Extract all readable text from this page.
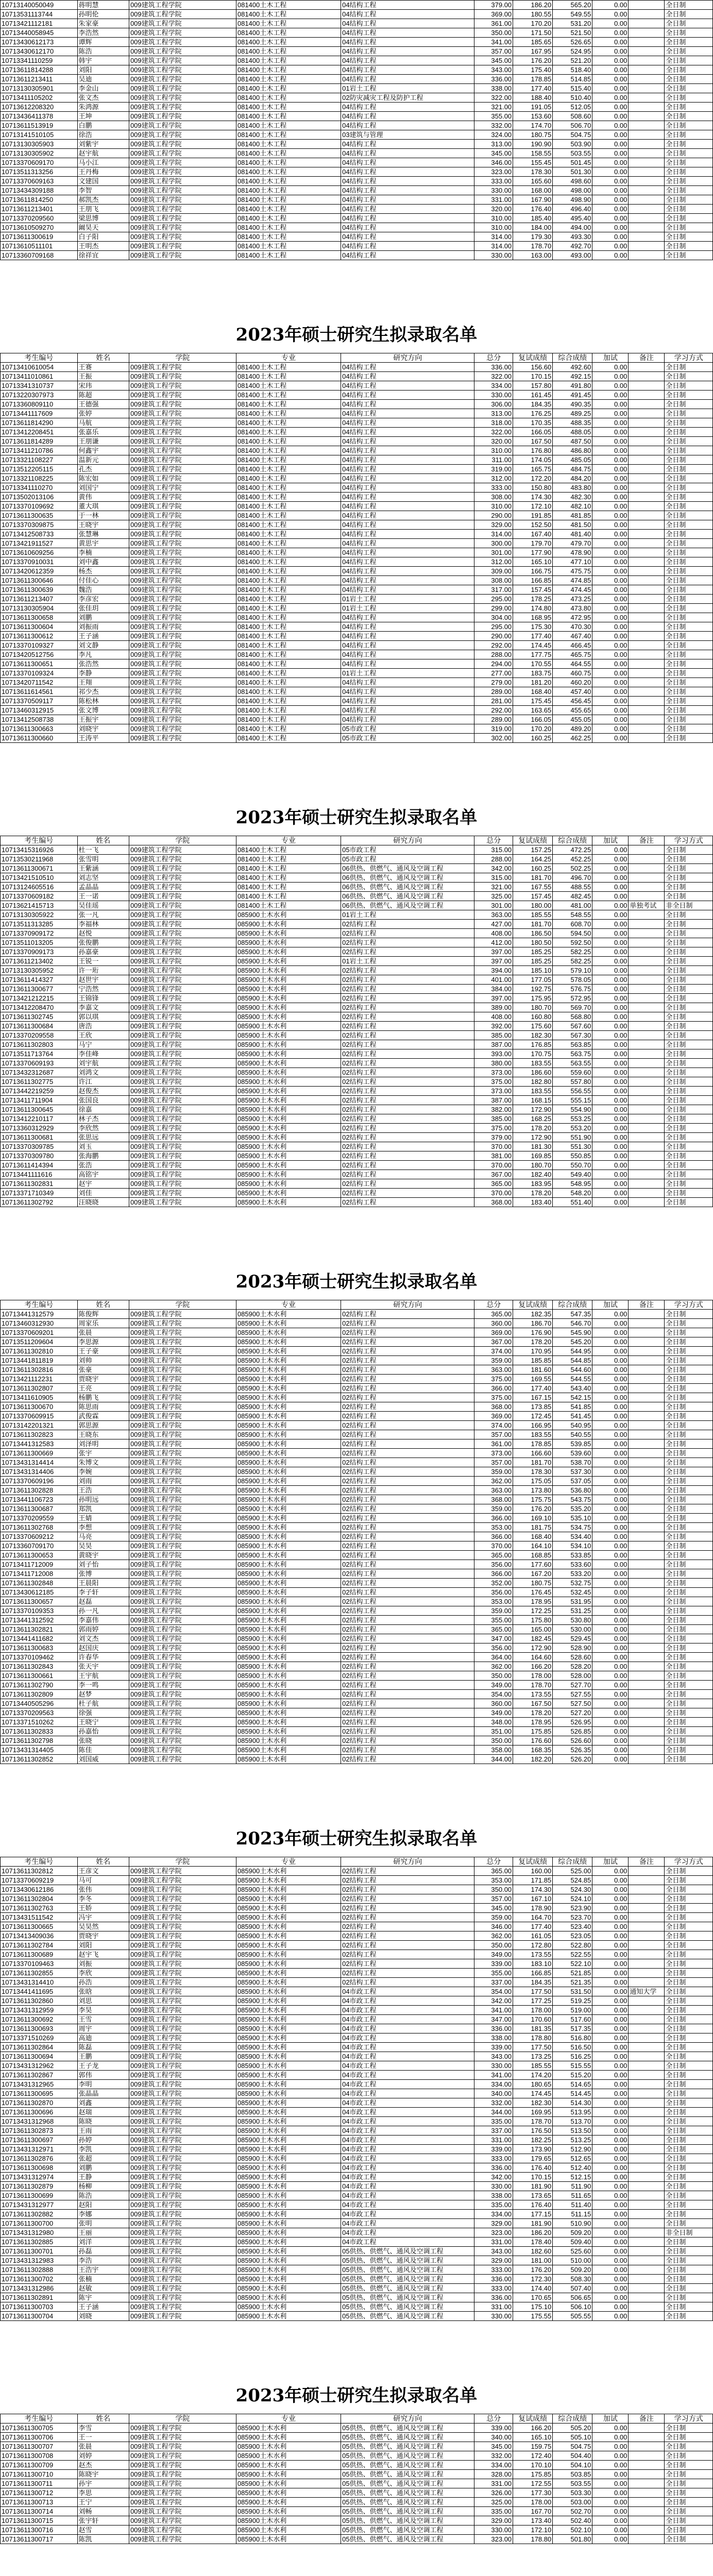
10713140050049	蒋明慧	009建筑工程学院	081400土木工程	04结构工程	379.00	186.20	565.20	0.00		全日制
10713531113744	孙明伦	009建筑工程学院	081400土木工程	04结构工程	369.00	180.55	549.55	0.00		全日制
10713421112181	朱家豪	009建筑工程学院	081400土木工程	04结构工程	361.00	170.20	531.20	0.00		全日制
10713440058945	李浩然	009建筑工程学院	081400土木工程	04结构工程	350.00	171.50	521.50	0.00		全日制
10713430612173	谭辉	009建筑工程学院	081400土木工程	04结构工程	341.00	185.65	526.65	0.00		全日制
10713430612170	陈浩	009建筑工程学院	081400土木工程	04结构工程	357.00	167.95	524.95	0.00		全日制
10713341110259	韩宇	009建筑工程学院	081400土木工程	04结构工程	345.00	176.20	521.20	0.00		全日制
10713611814288	刘阳	009建筑工程学院	081400土木工程	04结构工程	343.00	175.40	518.40	0.00		全日制
10713611213411	吴迪	009建筑工程学院	081400土木工程	04结构工程	336.00	178.85	514.85	0.00		全日制
10713130305901	李金山	009建筑工程学院	081400土木工程	01岩土工程	338.00	177.40	515.40	0.00		全日制
10713411105202	张文杰	009建筑工程学院	081400土木工程	02防灾减灾工程及防护工程	322.00	188.40	510.40	0.00		全日制
10713612208320	朱鸿源	009建筑工程学院	081400土木工程	04结构工程	321.00	191.05	512.05	0.00		全日制
10713436411378	王坤	009建筑工程学院	081400土木工程	04结构工程	355.00	153.60	508.60	0.00		全日制
10713611513919	白鹏	009建筑工程学院	081400土木工程	04结构工程	332.00	174.70	506.70	0.00		全日制
10713141510105	徐浩	009建筑工程学院	081400土木工程	03建筑与管理	324.00	180.75	504.75	0.00		全日制
10713130305903	刘紫宇	009建筑工程学院	081400土木工程	04结构工程	313.00	190.90	503.90	0.00		全日制
10713130305902	赵宇航	009建筑工程学院	081400土木工程	04结构工程	345.00	158.55	503.55	0.00		全日制
10713370609170	马小江	009建筑工程学院	081400土木工程	04结构工程	346.00	155.45	501.45	0.00		全日制
10713511313256	王丹梅	009建筑工程学院	081400土木工程	04结构工程	323.00	178.30	501.30	0.00		全日制
10713370609163	文建国	009建筑工程学院	081400土木工程	04结构工程	333.00	165.60	498.60	0.00		全日制
10713434309188	李智	009建筑工程学院	081400土木工程	04结构工程	330.00	168.00	498.00	0.00		全日制
10713611814250	郝凯杰	009建筑工程学院	081400土木工程	04结构工程	331.00	167.90	498.90	0.00		全日制
10713611213401	王朋飞	009建筑工程学院	081400土木工程	04结构工程	320.00	176.40	496.40	0.00		全日制
10713370209560	梁思博	009建筑工程学院	081400土木工程	04结构工程	310.00	185.40	495.40	0.00		全日制
10713610509270	阚昊天	009建筑工程学院	081400土木工程	04结构工程	310.00	184.00	494.00	0.00		全日制
10713611300619	白子阳	009建筑工程学院	081400土木工程	04结构工程	314.00	179.30	493.30	0.00		全日制
10713610511101	王明杰	009建筑工程学院	081400土木工程	04结构工程	314.00	178.70	492.70	0.00		全日制
10713360709168	徐祥宜	009建筑工程学院	081400土木工程	04结构工程	330.00	163.00	493.00	0.00		全日制
2023年硕士研究生拟录取名单
考生编号	姓名	学院	专业	研究方向	总分	复试成绩	综合成绩	加试	备注	学习方式
10713410610054	王赛	009建筑工程学院	081400土木工程	04结构工程	336.00	156.60	492.60	0.00		全日制
10713411010861	王振	009建筑工程学院	081400土木工程	04结构工程	322.00	170.15	492.15	0.00		全日制
10713341310737	宋玮	009建筑工程学院	081400土木工程	04结构工程	334.00	157.80	491.80	0.00		全日制
10713220307973	陈超	009建筑工程学院	081400土木工程	04结构工程	330.00	161.45	491.45	0.00		全日制
10713360809110	王德强	009建筑工程学院	081400土木工程	04结构工程	306.00	184.35	490.35	0.00		全日制
10713441117609	张婷	009建筑工程学院	081400土木工程	04结构工程	313.00	176.25	489.25	0.00		全日制
10713611814290	马航	009建筑工程学院	081400土木工程	04结构工程	318.00	170.35	488.35	0.00		全日制
10713412208451	张嘉乐	009建筑工程学院	081400土木工程	04结构工程	322.00	166.05	488.05	0.00		全日制
10713611814289	王朋谦	009建筑工程学院	081400土木工程	04结构工程	320.00	167.50	487.50	0.00		全日制
10713411210786	何鑫宇	009建筑工程学院	081400土木工程	04结构工程	310.00	176.80	486.80	0.00		全日制
10713321108227	温新元	009建筑工程学院	081400土木工程	04结构工程	311.00	174.05	485.05	0.00		全日制
10713512205115	孔杰	009建筑工程学院	081400土木工程	04结构工程	319.00	165.75	484.75	0.00		全日制
10713321108225	陈宏如	009建筑工程学院	081400土木工程	04结构工程	312.00	172.20	484.20	0.00		全日制
10713341110270	刘国宁	009建筑工程学院	081400土木工程	04结构工程	333.00	150.80	483.80	0.00		全日制
10713502013106	黄伟	009建筑工程学院	081400土木工程	04结构工程	308.00	174.30	482.30	0.00		全日制
10713370109692	董大琪	009建筑工程学院	081400土木工程	04结构工程	310.00	172.10	482.10	0.00		全日制
10713611300635	于一林	009建筑工程学院	081400土木工程	04结构工程	290.00	191.85	481.85	0.00		全日制
10713370309875	王晓宇	009建筑工程学院	081400土木工程	04结构工程	329.00	152.50	481.50	0.00		全日制
10713412508733	张慧琳	009建筑工程学院	081400土木工程	04结构工程	314.00	167.40	481.40	0.00		全日制
10713421911527	黄思宇	009建筑工程学院	081400土木工程	04结构工程	300.00	179.70	479.70	0.00		全日制
10713610609256	李楠	009建筑工程学院	081400土木工程	04结构工程	301.00	177.90	478.90	0.00		全日制
10713370910031	刘中鑫	009建筑工程学院	081400土木工程	04结构工程	312.00	165.10	477.10	0.00		全日制
10713420612359	杨杰	009建筑工程学院	081400土木工程	04结构工程	309.00	166.75	475.75	0.00		全日制
10713611300646	付佳心	009建筑工程学院	081400土木工程	04结构工程	308.00	166.85	474.85	0.00		全日制
10713611300639	魏浩	009建筑工程学院	081400土木工程	04结构工程	317.00	157.45	474.45	0.00		全日制
10713611213407	李彦宏	009建筑工程学院	081400土木工程	01岩土工程	295.00	178.25	473.25	0.00		全日制
10713130305904	张佳玥	009建筑工程学院	081400土木工程	01岩土工程	299.00	174.80	473.80	0.00		全日制
10713611300658	刘鹏	009建筑工程学院	081400土木工程	04结构工程	304.00	168.95	472.95	0.00		全日制
10713611300604	刘振雨	009建筑工程学院	081400土木工程	04结构工程	295.00	175.30	470.30	0.00		全日制
10713611300612	王子涵	009建筑工程学院	081400土木工程	04结构工程	290.00	177.40	467.40	0.00		全日制
10713370109327	刘文静	009建筑工程学院	081400土木工程	04结构工程	292.00	174.45	466.45	0.00		全日制
10713420512756	李凡	009建筑工程学院	081400土木工程	04结构工程	288.00	177.75	465.75	0.00		全日制
10713611300651	张浩然	009建筑工程学院	081400土木工程	04结构工程	294.00	170.55	464.55	0.00		全日制
10713370109324	李静	009建筑工程学院	081400土木工程	01岩土工程	277.00	183.75	460.75	0.00		全日制
10713420711542	王翔	009建筑工程学院	081400土木工程	04结构工程	279.00	181.20	460.20	0.00		全日制
10713611614561	祁少杰	009建筑工程学院	081400土木工程	04结构工程	289.00	168.40	457.40	0.00		全日制
10713370509117	陈松林	009建筑工程学院	081400土木工程	04结构工程	281.00	175.45	456.45	0.00		全日制
10713460312915	张文博	009建筑工程学院	081400土木工程	04结构工程	292.00	163.65	455.65	0.00		全日制
10713412508738	王振宇	009建筑工程学院	081400土木工程	04结构工程	289.00	166.05	455.05	0.00		全日制
10713611300663	刘晓宇	009建筑工程学院	081400土木工程	05市政工程	319.00	170.20	489.20	0.00		全日制
10713611300660	王涛平	009建筑工程学院	081400土木工程	05市政工程	302.00	160.25	462.25	0.00		全日制
2023年硕士研究生拟录取名单
考生编号	姓名	学院	专业	研究方向	总分	复试成绩	综合成绩	加试	备注	学习方式
10713415316926	杜一飞	009建筑工程学院	081400土木工程	05市政工程	315.00	157.25	472.25	0.00		全日制
10713530211968	张雪明	009建筑工程学院	081400土木工程	05市政工程	288.00	164.25	452.25	0.00		全日制
10713611300671	王紫涵	009建筑工程学院	081400土木工程	06供热、供燃气、通风及空调工程	342.00	160.25	502.25	0.00		全日制
10713421510510	刘志坚	009建筑工程学院	081400土木工程	06供热、供燃气、通风及空调工程	315.00	181.70	496.70	0.00		全日制
10713124605516	孟晶晶	009建筑工程学院	081400土木工程	06供热、供燃气、通风及空调工程	321.00	167.55	488.55	0.00		全日制
10713370609182	王一诺	009建筑工程学院	081400土木工程	06供热、供燃气、通风及空调工程	325.00	157.45	482.45	0.00		全日制
10713621415713	吴佳瑶	009建筑工程学院	081400土木工程	06供热、供燃气、通风及空调工程	301.00	180.00	481.00	0.00	单独考试	非全日制
10713130305922	张一凡	009建筑工程学院	085900土木水利	01岩土工程	363.00	185.55	548.55	0.00		全日制
10713511313285	李福林	009建筑工程学院	085900土木水利	02结构工程	427.00	181.70	608.70	0.00		全日制
10713370909172	赵悦	009建筑工程学院	085900土木水利	02结构工程	408.00	186.50	594.50	0.00		全日制
10713511013205	张俊鹏	009建筑工程学院	085900土木水利	02结构工程	412.00	180.50	592.50	0.00		全日制
10713370909173	孙嘉豪	009建筑工程学院	085900土木水利	02结构工程	397.00	185.25	582.25	0.00		全日制
10713611213402	王锐一	009建筑工程学院	085900土木水利	01岩土工程	397.00	185.25	582.25	0.00		全日制
10713130305952	许一珩	009建筑工程学院	085900土木水利	02结构工程	394.00	185.10	579.10	0.00		全日制
10713611414327	赵世宇	009建筑工程学院	085900土木水利	02结构工程	401.00	177.05	578.05	0.00		全日制
10713611300677	宁浩然	009建筑工程学院	085900土木水利	02结构工程	384.00	192.75	576.75	0.00		全日制
10713421212215	王锦锋	009建筑工程学院	085900土木水利	02结构工程	397.00	175.95	572.95	0.00		全日制
10713412208470	李嘉文	009建筑工程学院	085900土木水利	02结构工程	389.00	180.70	569.70	0.00		全日制
10713611302745	郭以琪	009建筑工程学院	085900土木水利	02结构工程	408.00	160.80	568.80	0.00		全日制
10713611300684	唐浩	009建筑工程学院	085900土木水利	02结构工程	392.00	175.60	567.60	0.00		全日制
10713370209558	王欣	009建筑工程学院	085900土木水利	02结构工程	385.00	182.30	567.30	0.00		全日制
10713611302803	马宁	009建筑工程学院	085900土木水利	02结构工程	387.00	176.85	563.85	0.00		全日制
10713511713764	李佳峰	009建筑工程学院	085900土木水利	02结构工程	393.00	170.75	563.75	0.00		全日制
10713370609193	刘宇航	009建筑工程学院	085900土木水利	02结构工程	380.00	183.55	563.55	0.00		全日制
10713432312687	刘鸿文	009建筑工程学院	085900土木水利	02结构工程	373.00	186.60	559.60	0.00		全日制
10713611302775	许江	009建筑工程学院	085900土木水利	02结构工程	375.00	182.80	557.80	0.00		全日制
10713442219259	赵俊杰	009建筑工程学院	085900土木水利	02结构工程	373.00	183.55	556.55	0.00		全日制
10713411711904	张国良	009建筑工程学院	085900土木水利	02结构工程	387.00	168.15	555.15	0.00		全日制
10713611300645	徐嘉	009建筑工程学院	085900土木水利	02结构工程	382.00	172.90	554.90	0.00		全日制
10713412210117	林子杰	009建筑工程学院	085900土木水利	02结构工程	385.00	168.25	553.25	0.00		全日制
10713360312929	李欣然	009建筑工程学院	085900土木水利	02结构工程	375.00	178.20	553.20	0.00		全日制
10713611300681	张思远	009建筑工程学院	085900土木水利	02结构工程	379.00	172.90	551.90	0.00		全日制
10713370309785	刘玉	009建筑工程学院	085900土木水利	02结构工程	370.00	181.30	551.30	0.00		全日制
10713370309780	张海鹏	009建筑工程学院	085900土木水利	02结构工程	381.00	169.85	550.85	0.00		全日制
10713611414394	张浩	009建筑工程学院	085900土木水利	02结构工程	370.00	180.70	550.70	0.00		全日制
10713441111616	高铭宇	009建筑工程学院	085900土木水利	02结构工程	367.00	182.40	549.40	0.00		全日制
10713611302831	赵宇	009建筑工程学院	085900土木水利	02结构工程	365.00	183.95	548.95	0.00		全日制
10713371710349	刘佳	009建筑工程学院	085900土木水利	02结构工程	370.00	178.20	548.20	0.00		全日制
10713611302792	汪晓晓	009建筑工程学院	085900土木水利	02结构工程	368.00	183.40	551.40	0.00		全日制
2023年硕士研究生拟录取名单
考生编号	姓名	学院	专业	研究方向	总分	复试成绩	综合成绩	加试	备注	学习方式
10713441312579	陈俊辉	009建筑工程学院	085900土木水利	02结构工程	365.00	182.35	547.35	0.00		全日制
10713460312930	周家乐	009建筑工程学院	085900土木水利	02结构工程	360.00	186.70	546.70	0.00		全日制
10713370609201	张晨	009建筑工程学院	085900土木水利	02结构工程	369.00	176.90	545.90	0.00		全日制
10713511209604	李思源	009建筑工程学院	085900土木水利	02结构工程	367.00	178.20	545.20	0.00		全日制
10713611302810	王子豪	009建筑工程学院	085900土木水利	02结构工程	374.00	170.95	544.95	0.00		全日制
10713441811819	刘帅	009建筑工程学院	085900土木水利	02结构工程	359.00	185.85	544.85	0.00		全日制
10713611302816	张豪	009建筑工程学院	085900土木水利	02结构工程	363.00	181.60	544.60	0.00		全日制
10713421112231	贾晓宇	009建筑工程学院	085900土木水利	02结构工程	375.00	169.55	544.55	0.00		全日制
10713611302807	王亮	009建筑工程学院	085900土木水利	02结构工程	366.00	177.40	543.40	0.00		全日制
10713411610905	杨鹏飞	009建筑工程学院	085900土木水利	02结构工程	375.00	167.15	542.15	0.00		全日制
10713611300670	陈思雨	009建筑工程学院	085900土木水利	02结构工程	368.00	173.85	541.85	0.00		全日制
10713370609915	武俊霖	009建筑工程学院	085900土木水利	02结构工程	369.00	172.45	541.45	0.00		全日制
10713142201321	郭思源	009建筑工程学院	085900土木水利	02结构工程	374.00	166.95	540.95	0.00		全日制
10713611302823	王晓东	009建筑工程学院	085900土木水利	02结构工程	357.00	183.55	540.55	0.00		全日制
10713441312583	刘泽明	009建筑工程学院	085900土木水利	02结构工程	361.00	178.85	539.85	0.00		全日制
10713611300669	张宇	009建筑工程学院	085900土木水利	02结构工程	373.00	166.60	539.60	0.00		全日制
10713431314414	朱博文	009建筑工程学院	085900土木水利	02结构工程	357.00	181.70	538.70	0.00		全日制
10713431314406	李婉	009建筑工程学院	085900土木水利	02结构工程	359.00	178.30	537.30	0.00		全日制
10713370609196	刘雨	009建筑工程学院	085900土木水利	02结构工程	362.00	175.05	537.05	0.00		全日制
10713611302828	王浩	009建筑工程学院	085900土木水利	02结构工程	363.00	173.80	536.80	0.00		全日制
10713441106723	孙明远	009建筑工程学院	085900土木水利	02结构工程	368.00	175.75	543.75	0.00		全日制
10713611300687	郑凯	009建筑工程学院	085900土木水利	02结构工程	359.00	176.20	535.20	0.00		全日制
10713370209559	王婧	009建筑工程学院	085900土木水利	02结构工程	366.00	169.10	535.10	0.00		全日制
10713611302768	李想	009建筑工程学院	085900土木水利	02结构工程	353.00	181.75	534.75	0.00		全日制
10713370609212	马亮	009建筑工程学院	085900土木水利	02结构工程	366.00	168.40	534.40	0.00		全日制
10713360709170	吴昊	009建筑工程学院	085900土木水利	02结构工程	370.00	164.10	534.10	0.00		全日制
10713611300653	黄晓宇	009建筑工程学院	085900土木水利	02结构工程	365.00	168.85	533.85	0.00		全日制
10713411712009	刘子怡	009建筑工程学院	085900土木水利	02结构工程	356.00	177.60	533.60	0.00		全日制
10713411712008	张博	009建筑工程学院	085900土木水利	02结构工程	366.00	167.20	533.20	0.00		全日制
10713611302848	王晨阳	009建筑工程学院	085900土木水利	02结构工程	352.00	180.75	532.75	0.00		全日制
10713430612185	李子轩	009建筑工程学院	085900土木水利	02结构工程	356.00	176.45	532.45	0.00		全日制
10713611300657	赵磊	009建筑工程学院	085900土木水利	02结构工程	353.00	178.95	531.95	0.00		全日制
10713370109353	孙一凡	009建筑工程学院	085900土木水利	02结构工程	359.00	172.25	531.25	0.00		全日制
10713441312592	李嘉伟	009建筑工程学院	085900土木水利	02结构工程	355.00	175.80	530.80	0.00		全日制
10713611302821	郭雨婷	009建筑工程学院	085900土木水利	02结构工程	365.00	165.00	530.00	0.00		全日制
10713441411682	刘文杰	009建筑工程学院	085900土木水利	02结构工程	347.00	182.45	529.45	0.00		全日制
10713611300683	赵国庆	009建筑工程学院	085900土木水利	02结构工程	356.00	172.90	528.90	0.00		全日制
10713370109462	许春华	009建筑工程学院	085900土木水利	02结构工程	364.00	164.60	528.60	0.00		全日制
10713611302843	张天宇	009建筑工程学院	085900土木水利	02结构工程	362.00	166.20	528.20	0.00		全日制
10713611300661	王宇航	009建筑工程学院	085900土木水利	02结构工程	350.00	178.00	528.00	0.00		全日制
10713611302790	李一鸣	009建筑工程学院	085900土木水利	02结构工程	349.00	178.70	527.70	0.00		全日制
10713611302809	赵梦	009建筑工程学院	085900土木水利	02结构工程	354.00	173.55	527.55	0.00		全日制
10713440505296	杜子航	009建筑工程学院	085900土木水利	02结构工程	360.00	167.50	527.50	0.00		全日制
10713370209563	徐强	009建筑工程学院	085900土木水利	02结构工程	349.00	178.20	527.20	0.00		全日制
10713371510262	王晓宁	009建筑工程学院	085900土木水利	02结构工程	348.00	178.95	526.95	0.00		全日制
10713611302833	孙嘉怡	009建筑工程学院	085900土木水利	02结构工程	351.00	175.85	526.85	0.00		全日制
10713611302798	张晓	009建筑工程学院	085900土木水利	02结构工程	350.00	176.60	526.60	0.00		全日制
10713431314405	陈佳	009建筑工程学院	085900土木水利	02结构工程	358.00	168.35	526.35	0.00		全日制
10713611302852	刘国威	009建筑工程学院	085900土木水利	02结构工程	344.00	182.20	526.20	0.00		全日制
2023年硕士研究生拟录取名单
考生编号	姓名	学院	专业	研究方向	总分	复试成绩	综合成绩	加试	备注	学习方式
10713611302812	王彦文	009建筑工程学院	085900土木水利	02结构工程	365.00	160.00	525.00	0.00		全日制
10713370609219	马可	009建筑工程学院	085900土木水利	02结构工程	353.00	171.85	524.85	0.00		全日制
10713430612186	张伟	009建筑工程学院	085900土木水利	02结构工程	350.00	174.30	524.30	0.00		全日制
10713611302804	李冬	009建筑工程学院	085900土木水利	02结构工程	357.00	167.10	524.10	0.00		全日制
10713611302763	王娇	009建筑工程学院	085900土木水利	02结构工程	345.00	178.90	523.90	0.00		全日制
10713431511542	冯宇	009建筑工程学院	085900土木水利	02结构工程	359.00	164.70	523.70	0.00		全日制
10713611300665	吴昊然	009建筑工程学院	085900土木水利	02结构工程	346.00	177.40	523.40	0.00		全日制
10713413409036	贾晓宇	009建筑工程学院	085900土木水利	02结构工程	362.00	161.05	523.05	0.00		全日制
10713611302784	刘阳	009建筑工程学院	085900土木水利	02结构工程	350.00	172.80	522.80	0.00		全日制
10713611300689	赵宇飞	009建筑工程学院	085900土木水利	02结构工程	349.00	173.55	522.55	0.00		全日制
10713370109463	刘振	009建筑工程学院	085900土木水利	02结构工程	339.00	183.10	522.10	0.00		全日制
10713611302855	李欣	009建筑工程学院	085900土木水利	02结构工程	355.00	166.85	521.85	0.00		全日制
10713431314410	孙浩	009建筑工程学院	085900土木水利	02结构工程	337.00	184.35	521.35	0.00		全日制
10713441411695	张晗	009建筑工程学院	085900土木水利	04市政工程	354.00	177.50	531.50	0.00	通知大学	全日制
10713611302860	刘思	009建筑工程学院	085900土木水利	04市政工程	342.00	177.25	519.25	0.00		全日制
10713431312959	李昊	009建筑工程学院	085900土木水利	04市政工程	341.00	178.00	519.00	0.00		全日制
10713611300692	王雪	009建筑工程学院	085900土木水利	04市政工程	347.00	170.60	517.60	0.00		全日制
10713611300693	周宇	009建筑工程学院	085900土木水利	04市政工程	336.00	181.35	517.35	0.00		全日制
10713371510269	高迪	009建筑工程学院	085900土木水利	04市政工程	338.00	178.80	516.80	0.00		全日制
10713611302864	陈磊	009建筑工程学院	085900土木水利	04市政工程	339.00	177.50	516.50	0.00		全日制
10713611300694	王鹏	009建筑工程学院	085900土木水利	04市政工程	343.00	173.25	516.25	0.00		全日制
10713431312962	王子龙	009建筑工程学院	085900土木水利	04市政工程	330.00	185.55	515.55	0.00		全日制
10713611302867	郭伟	009建筑工程学院	085900土木水利	04市政工程	341.00	174.20	515.20	0.00		全日制
10713431312965	李明	009建筑工程学院	085900土木水利	04市政工程	334.00	180.65	514.65	0.00		全日制
10713611300695	张晶晶	009建筑工程学院	085900土木水利	04市政工程	340.00	174.45	514.45	0.00		全日制
10713611302870	刘鑫	009建筑工程学院	085900土木水利	04市政工程	332.00	182.30	514.30	0.00		全日制
10713611300696	赵瑞	009建筑工程学院	085900土木水利	04市政工程	344.00	169.95	513.95	0.00		全日制
10713431312968	陈晓	009建筑工程学院	085900土木水利	04市政工程	335.00	178.70	513.70	0.00		全日制
10713611302873	王雨	009建筑工程学院	085900土木水利	04市政工程	337.00	176.50	513.50	0.00		全日制
10713611300697	孙婷	009建筑工程学院	085900土木水利	04市政工程	331.00	182.25	513.25	0.00		全日制
10713431312971	李凯	009建筑工程学院	085900土木水利	04市政工程	339.00	173.90	512.90	0.00		全日制
10713611302876	张超	009建筑工程学院	085900土木水利	04市政工程	333.00	179.65	512.65	0.00		全日制
10713611300698	刘鹏	009建筑工程学院	085900土木水利	04市政工程	336.00	176.40	512.40	0.00		全日制
10713431312974	王静	009建筑工程学院	085900土木水利	04市政工程	342.00	170.15	512.15	0.00		全日制
10713611302879	杨柳	009建筑工程学院	085900土木水利	04市政工程	330.00	181.90	511.90	0.00		全日制
10713611300699	陈浩	009建筑工程学院	085900土木水利	04市政工程	338.00	173.65	511.65	0.00		全日制
10713431312977	赵阳	009建筑工程学院	085900土木水利	04市政工程	335.00	176.40	511.40	0.00		全日制
10713611302882	李娜	009建筑工程学院	085900土木水利	04市政工程	334.00	177.15	511.15	0.00		全日制
10713611300700	张明	009建筑工程学院	085900土木水利	04市政工程	329.00	181.90	510.90	0.00		全日制
10713431312980	王丽	009建筑工程学院	085900土木水利	04市政工程	323.00	186.20	509.20	0.00		非全日制
10713611302885	刘洋	009建筑工程学院	085900土木水利	04市政工程	331.00	178.40	509.40	0.00		全日制
10713611300701	孙磊	009建筑工程学院	085900土木水利	05供热、供燃气、通风及空调工程	343.00	182.60	525.60	0.00		全日制
10713431312983	李浩	009建筑工程学院	085900土木水利	05供热、供燃气、通风及空调工程	329.00	181.00	510.00	0.00		全日制
10713611302888	王浩宇	009建筑工程学院	085900土木水利	05供热、供燃气、通风及空调工程	333.00	176.20	509.20	0.00		全日制
10713611300702	张楠	009建筑工程学院	085900土木水利	05供热、供燃气、通风及空调工程	336.00	172.30	508.30	0.00		全日制
10713431312986	赵敏	009建筑工程学院	085900土木水利	05供热、供燃气、通风及空调工程	333.00	174.40	507.40	0.00		全日制
10713611302891	陈宇	009建筑工程学院	085900土木水利	05供热、供燃气、通风及空调工程	336.00	170.65	506.65	0.00		全日制
10713611300703	王子涵	009建筑工程学院	085900土木水利	05供热、供燃气、通风及空调工程	331.00	175.10	506.10	0.00		全日制
10713611300704	刘晓	009建筑工程学院	085900土木水利	05供热、供燃气、通风及空调工程	330.00	175.55	505.55	0.00		全日制
2023年硕士研究生拟录取名单
考生编号	姓名	学院	专业	研究方向	总分	复试成绩	综合成绩	加试	备注	学习方式
10713611300705	李雪	009建筑工程学院	085900土木水利	05供热、供燃气、通风及空调工程	339.00	166.20	505.20	0.00		全日制
10713611300706	王一	009建筑工程学院	085900土木水利	05供热、供燃气、通风及空调工程	340.00	165.10	505.10	0.00		全日制
10713611300707	张晨	009建筑工程学院	085900土木水利	05供热、供燃气、通风及空调工程	345.00	159.75	504.75	0.00		全日制
10713611300708	刘婷	009建筑工程学院	085900土木水利	05供热、供燃气、通风及空调工程	332.00	172.40	504.40	0.00		全日制
10713611300709	赵杰	009建筑工程学院	085900土木水利	05供热、供燃气、通风及空调工程	334.00	170.10	504.10	0.00		全日制
10713611300710	陈晓宇	009建筑工程学院	085900土木水利	05供热、供燃气、通风及空调工程	328.00	175.85	503.85	0.00		全日制
10713611300711	孙宇	009建筑工程学院	085900土木水利	05供热、供燃气、通风及空调工程	331.00	172.55	503.55	0.00		全日制
10713611300712	李思	009建筑工程学院	085900土木水利	05供热、供燃气、通风及空调工程	326.00	177.30	503.30	0.00		全日制
10713611300713	王宁	009建筑工程学院	085900土木水利	05供热、供燃气、通风及空调工程	325.00	178.00	503.00	0.00		全日制
10713611300714	刘畅	009建筑工程学院	085900土木水利	05供热、供燃气、通风及空调工程	335.00	167.70	502.70	0.00		全日制
10713611300715	张宇轩	009建筑工程学院	085900土木水利	05供热、供燃气、通风及空调工程	329.00	173.40	502.40	0.00		全日制
10713611300716	赵雪	009建筑工程学院	085900土木水利	05供热、供燃气、通风及空调工程	330.00	172.10	502.10	0.00		全日制
10713611300717	陈凯	009建筑工程学院	085900土木水利	05供热、供燃气、通风及空调工程	323.00	178.80	501.80	0.00		全日制
